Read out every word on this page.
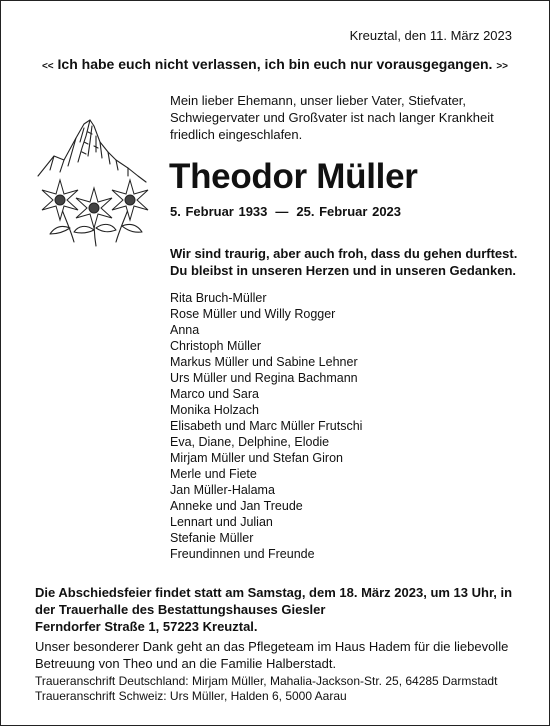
Kreuztal, den 11. März 2023
<< Ich habe euch nicht verlassen, ich bin euch nur vorausgegangen. >>
Mein lieber Ehemann, unser lieber Vater, Stiefvater,
Schwiegervater und Großvater ist nach langer Krankheit
friedlich eingeschlafen.
Theodor Müller
5. Februar 1933 — 25. Februar 2023
Wir sind traurig, aber auch froh, dass du gehen durftest.
Du bleibst in unseren Herzen und in unseren Gedanken.
Rita Bruch-Müller
Rose Müller und Willy Rogger
Anna
Christoph Müller
Markus Müller und Sabine Lehner
Urs Müller und Regina Bachmann
Marco und Sara
Monika Holzach
Elisabeth und Marc Müller Frutschi
Eva, Diane, Delphine, Elodie
Mirjam Müller und Stefan Giron
Merle und Fiete
Jan Müller-Halama
Anneke und Jan Treude
Lennart und Julian
Stefanie Müller
Freundinnen und Freunde
Die Abschiedsfeier findet statt am Samstag, dem 18. März 2023, um 13 Uhr, in
der Trauerhalle des Bestattungshauses Giesler
Ferndorfer Straße 1, 57223 Kreuztal.
Unser besonderer Dank geht an das Pflegeteam im Haus Hadem für die liebevolle
Betreuung von Theo und an die Familie Halberstadt.
Traueranschrift Deutschland: Mirjam Müller, Mahalia-Jackson-Str. 25, 64285 Darmstadt
Traueranschrift Schweiz: Urs Müller, Halden 6, 5000 Aarau
